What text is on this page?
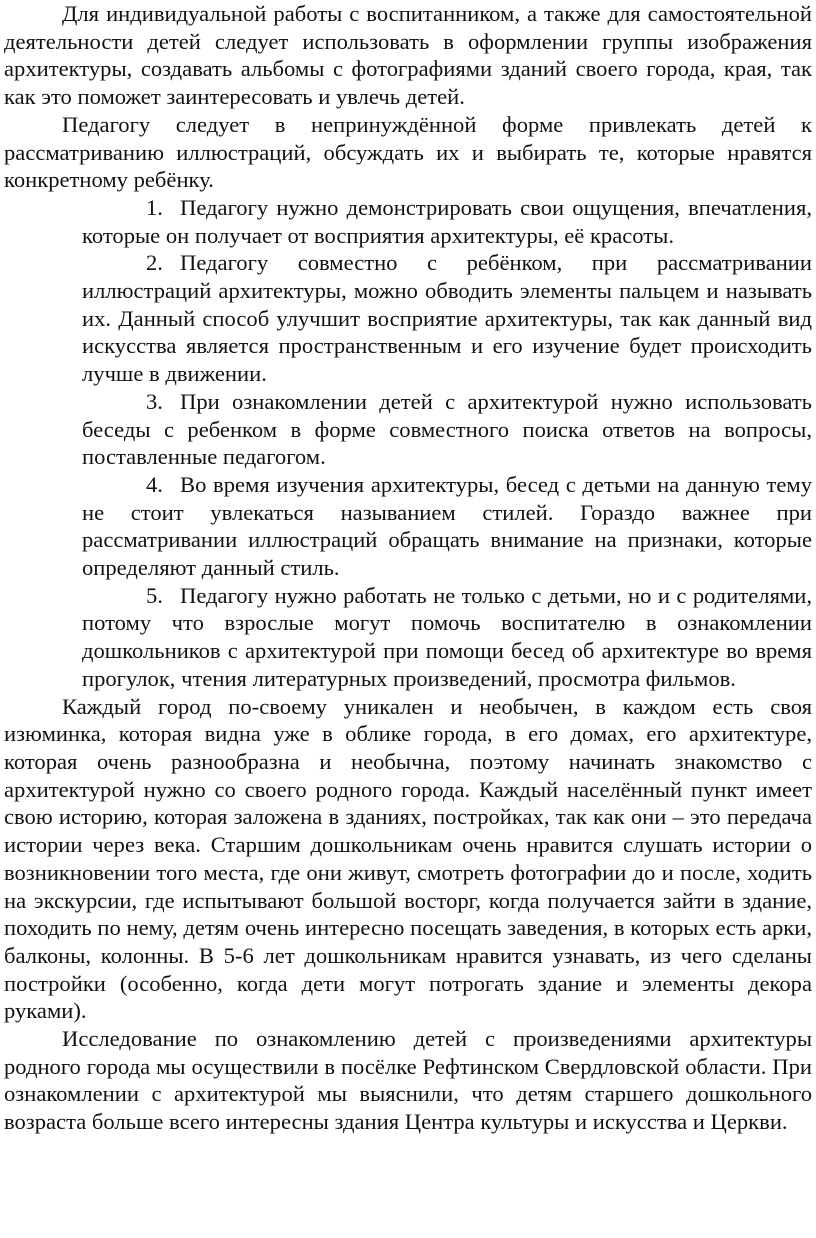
Для индивидуальной работы с воспитанником, а также для самостоятельной деятельности детей следует использовать в оформлении группы изображения архитектуры, создавать альбомы с фотографиями зданий своего города, края, так как это поможет заинтересовать и увлечь детей.

Педагогу следует в непринуждённой форме привлекать детей к рассматриванию иллюстраций, обсуждать их и выбирать те, которые нравятся конкретному ребёнку.

1. Педагогу нужно демонстрировать свои ощущения, впечатления, которые он получает от восприятия архитектуры, её красоты.

2. Педагогу совместно с ребёнком, при рассматривании иллюстраций архитектуры, можно обводить элементы пальцем и называть их. Данный способ улучшит восприятие архитектуры, так как данный вид искусства является пространственным и его изучение будет происходить лучше в движении.

3. При ознакомлении детей с архитектурой нужно использовать беседы с ребенком в форме совместного поиска ответов на вопросы, поставленные педагогом.

4. Во время изучения архитектуры, бесед с детьми на данную тему не стоит увлекаться называнием стилей. Гораздо важнее при рассматривании иллюстраций обращать внимание на признаки, которые определяют данный стиль.

5. Педагогу нужно работать не только с детьми, но и с родителями, потому что взрослые могут помочь воспитателю в ознакомлении дошкольников с архитектурой при помощи бесед об архитектуре во время прогулок, чтения литературных произведений, просмотра фильмов.

Каждый город по-своему уникален и необычен, в каждом есть своя изюминка, которая видна уже в облике города, в его домах, его архитектуре, которая очень разнообразна и необычна, поэтому начинать знакомство с архитектурой нужно со своего родного города. Каждый населённый пункт имеет свою историю, которая заложена в зданиях, постройках, так как они – это передача истории через века. Старшим дошкольникам очень нравится слушать истории о возникновении того места, где они живут, смотреть фотографии до и после, ходить на экскурсии, где испытывают большой восторг, когда получается зайти в здание, походить по нему, детям очень интересно посещать заведения, в которых есть арки, балконы, колонны. В 5-6 лет дошкольникам нравится узнавать, из чего сделаны постройки (особенно, когда дети могут потрогать здание и элементы декора руками).

Исследование по ознакомлению детей с произведениями архитектуры родного города мы осуществили в посёлке Рефтинском Свердловской области. При ознакомлении с архитектурой мы выяснили, что детям старшего дошкольного возраста больше всего интересны здания Центра культуры и искусства и Церкви.
